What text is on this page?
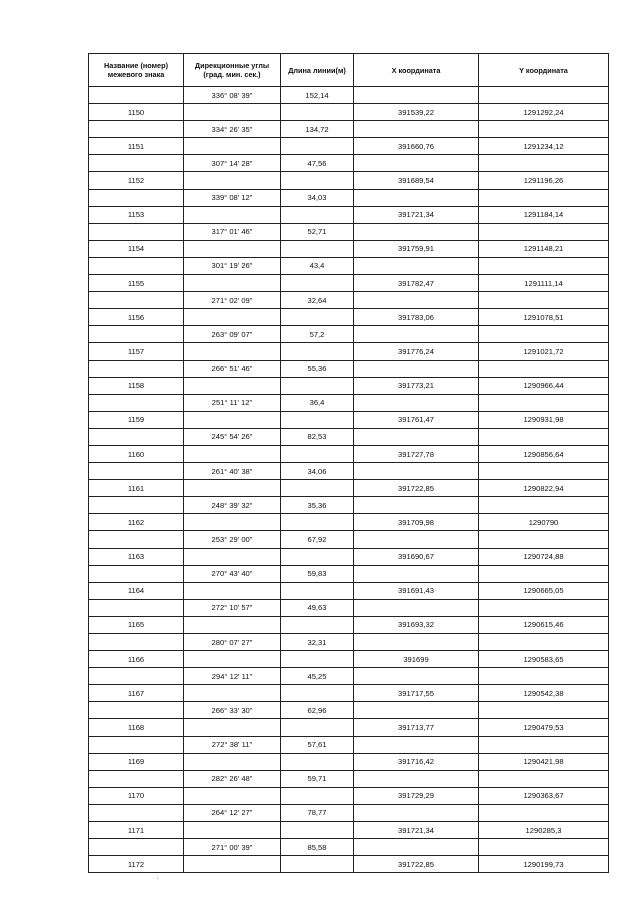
Название (номер) межевого знака	Дирекционные углы (град. мин. сек.)	Длина линии(м)	X координата	Y координата
	336° 08' 39"	152,14		
1150			391539,22	1291292,24
	334° 26' 35"	134,72		
1151			391660,76	1291234,12
	307° 14' 28"	47,56		
1152			391689,54	1291196,26
	339° 08' 12"	34,03		
1153			391721,34	1291184,14
	317° 01' 46"	52,71		
1154			391759,91	1291148,21
	301° 19' 26"	43,4		
1155			391782,47	1291111,14
	271° 02' 09"	32,64		
1156			391783,06	1291078,51
	263° 09' 07"	57,2		
1157			391776,24	1291021,72
	266° 51' 46"	55,36		
1158			391773,21	1290966,44
	251° 11' 12"	36,4		
1159			391761,47	1290931,98
	245° 54' 26"	82,53		
1160			391727,78	1290856,64
	261° 40' 38"	34,06		
1161			391722,85	1290822,94
	248° 39' 32"	35,36		
1162			391709,98	1290790
	253° 29' 00"	67,92		
1163			391690,67	1290724,88
	270° 43' 40"	59,83		
1164			391691,43	1290665,05
	272° 10' 57"	49,63		
1165			391693,32	1290615,46
	280° 07' 27"	32,31		
1166			391699	1290583,65
	294° 12' 11"	45,25		
1167			391717,55	1290542,38
	266° 33' 30"	62,96		
1168			391713,77	1290479,53
	272° 38' 11"	57,61		
1169			391716,42	1290421,98
	282° 26' 48"	59,71		
1170			391729,29	1290363,67
	264° 12' 27"	78,77		
1171			391721,34	1290285,3
	271° 00' 39"	85,58		
1172			391722,85	1290199,73
